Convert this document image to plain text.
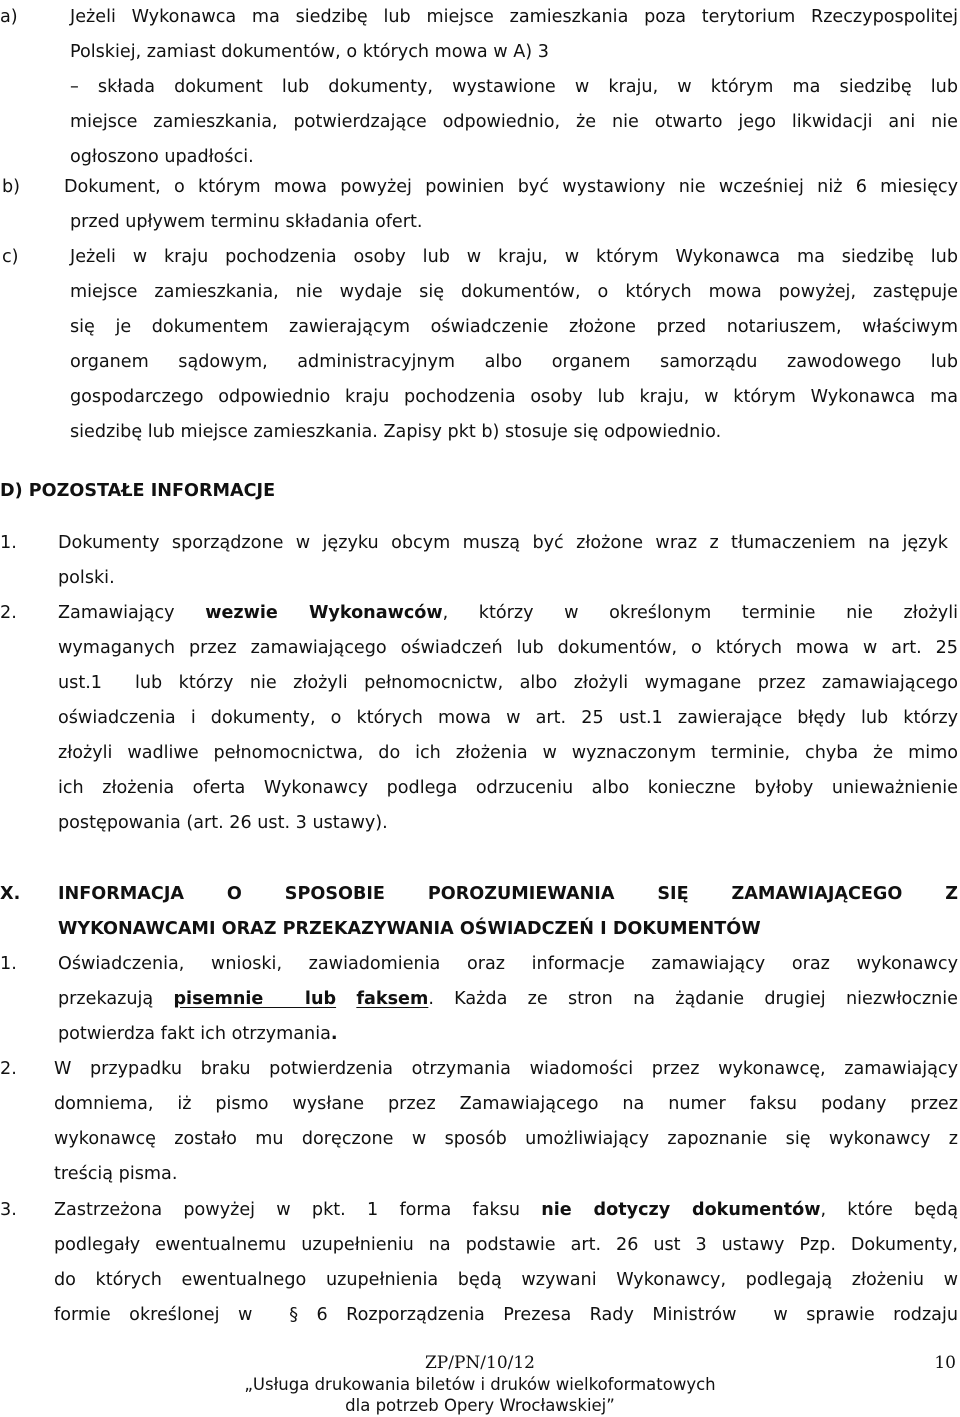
a)	Jeżeli Wykonawca ma siedzibę lub miejsce zamieszkania poza terytorium Rzeczypospolitej
Polskiej, zamiast dokumentów, o których mowa w A) 3
– składa dokument lub dokumenty, wystawione w kraju, w którym ma siedzibę lub
miejsce zamieszkania, potwierdzające odpowiednio, że nie otwarto jego likwidacji ani nie
ogłoszono upadłości.
b) Dokument, o którym mowa powyżej powinien być wystawiony nie wcześniej niż 6 miesięcy
przed upływem terminu składania ofert.
c)	Jeżeli w kraju pochodzenia osoby lub w kraju, w którym Wykonawca ma siedzibę lub
miejsce zamieszkania, nie wydaje się dokumentów, o których mowa powyżej, zastępuje
się je dokumentem zawierającym oświadczenie złożone przed notariuszem, właściwym
organem sądowym, administracyjnym albo organem samorządu zawodowego lub
gospodarczego odpowiednio kraju pochodzenia osoby lub kraju, w którym Wykonawca ma
siedzibę lub miejsce zamieszkania. Zapisy pkt b) stosuje się odpowiednio.
D) POZOSTAŁE INFORMACJE
1. Dokumenty sporządzone w języku obcym muszą być złożone wraz z tłumaczeniem na język
polski.
2. Zamawiający wezwie Wykonawców, którzy w określonym terminie nie złożyli
wymaganych przez zamawiającego oświadczeń lub dokumentów, o których mowa w art. 25
ust.1  lub którzy nie złożyli pełnomocnictw, albo złożyli wymagane przez zamawiającego
oświadczenia i dokumenty, o których mowa w art. 25 ust.1 zawierające błędy lub którzy
złożyli wadliwe pełnomocnictwa, do ich złożenia w wyznaczonym terminie, chyba że mimo
ich złożenia oferta Wykonawcy podlega odrzuceniu albo konieczne byłoby unieważnienie
postępowania (art. 26 ust. 3 ustawy).
X. INFORMACJA O SPOSOBIE POROZUMIEWANIA SIĘ ZAMAWIAJĄCEGO Z
WYKONAWCAMI ORAZ PRZEKAZYWANIA OŚWIADCZEŃ I DOKUMENTÓW
1. Oświadczenia, wnioski, zawiadomienia oraz informacje zamawiający oraz wykonawcy
przekazują pisemnie  lub faksem. Każda ze stron na żądanie drugiej niezwłocznie
potwierdza fakt ich otrzymania.
2. W przypadku braku potwierdzenia otrzymania wiadomości przez wykonawcę, zamawiający
domniema, iż pismo wysłane przez Zamawiającego na numer faksu podany przez
wykonawcę zostało mu doręczone w sposób umożliwiający zapoznanie się wykonawcy z
treścią pisma.
3. Zastrzeżona powyżej w pkt. 1 forma faksu nie dotyczy dokumentów, które będą
podlegały ewentualnemu uzupełnieniu na podstawie art. 26 ust 3 ustawy Pzp. Dokumenty,
do których ewentualnego uzupełnienia będą wzywani Wykonawcy, podlegają złożeniu w
formie określonej w  § 6 Rozporządzenia Prezesa Rady Ministrów  w sprawie rodzaju
ZP/PN/10/12	10
„Usługa drukowania biletów i druków wielkoformatowych
dla potrzeb Opery Wrocławskiej”
